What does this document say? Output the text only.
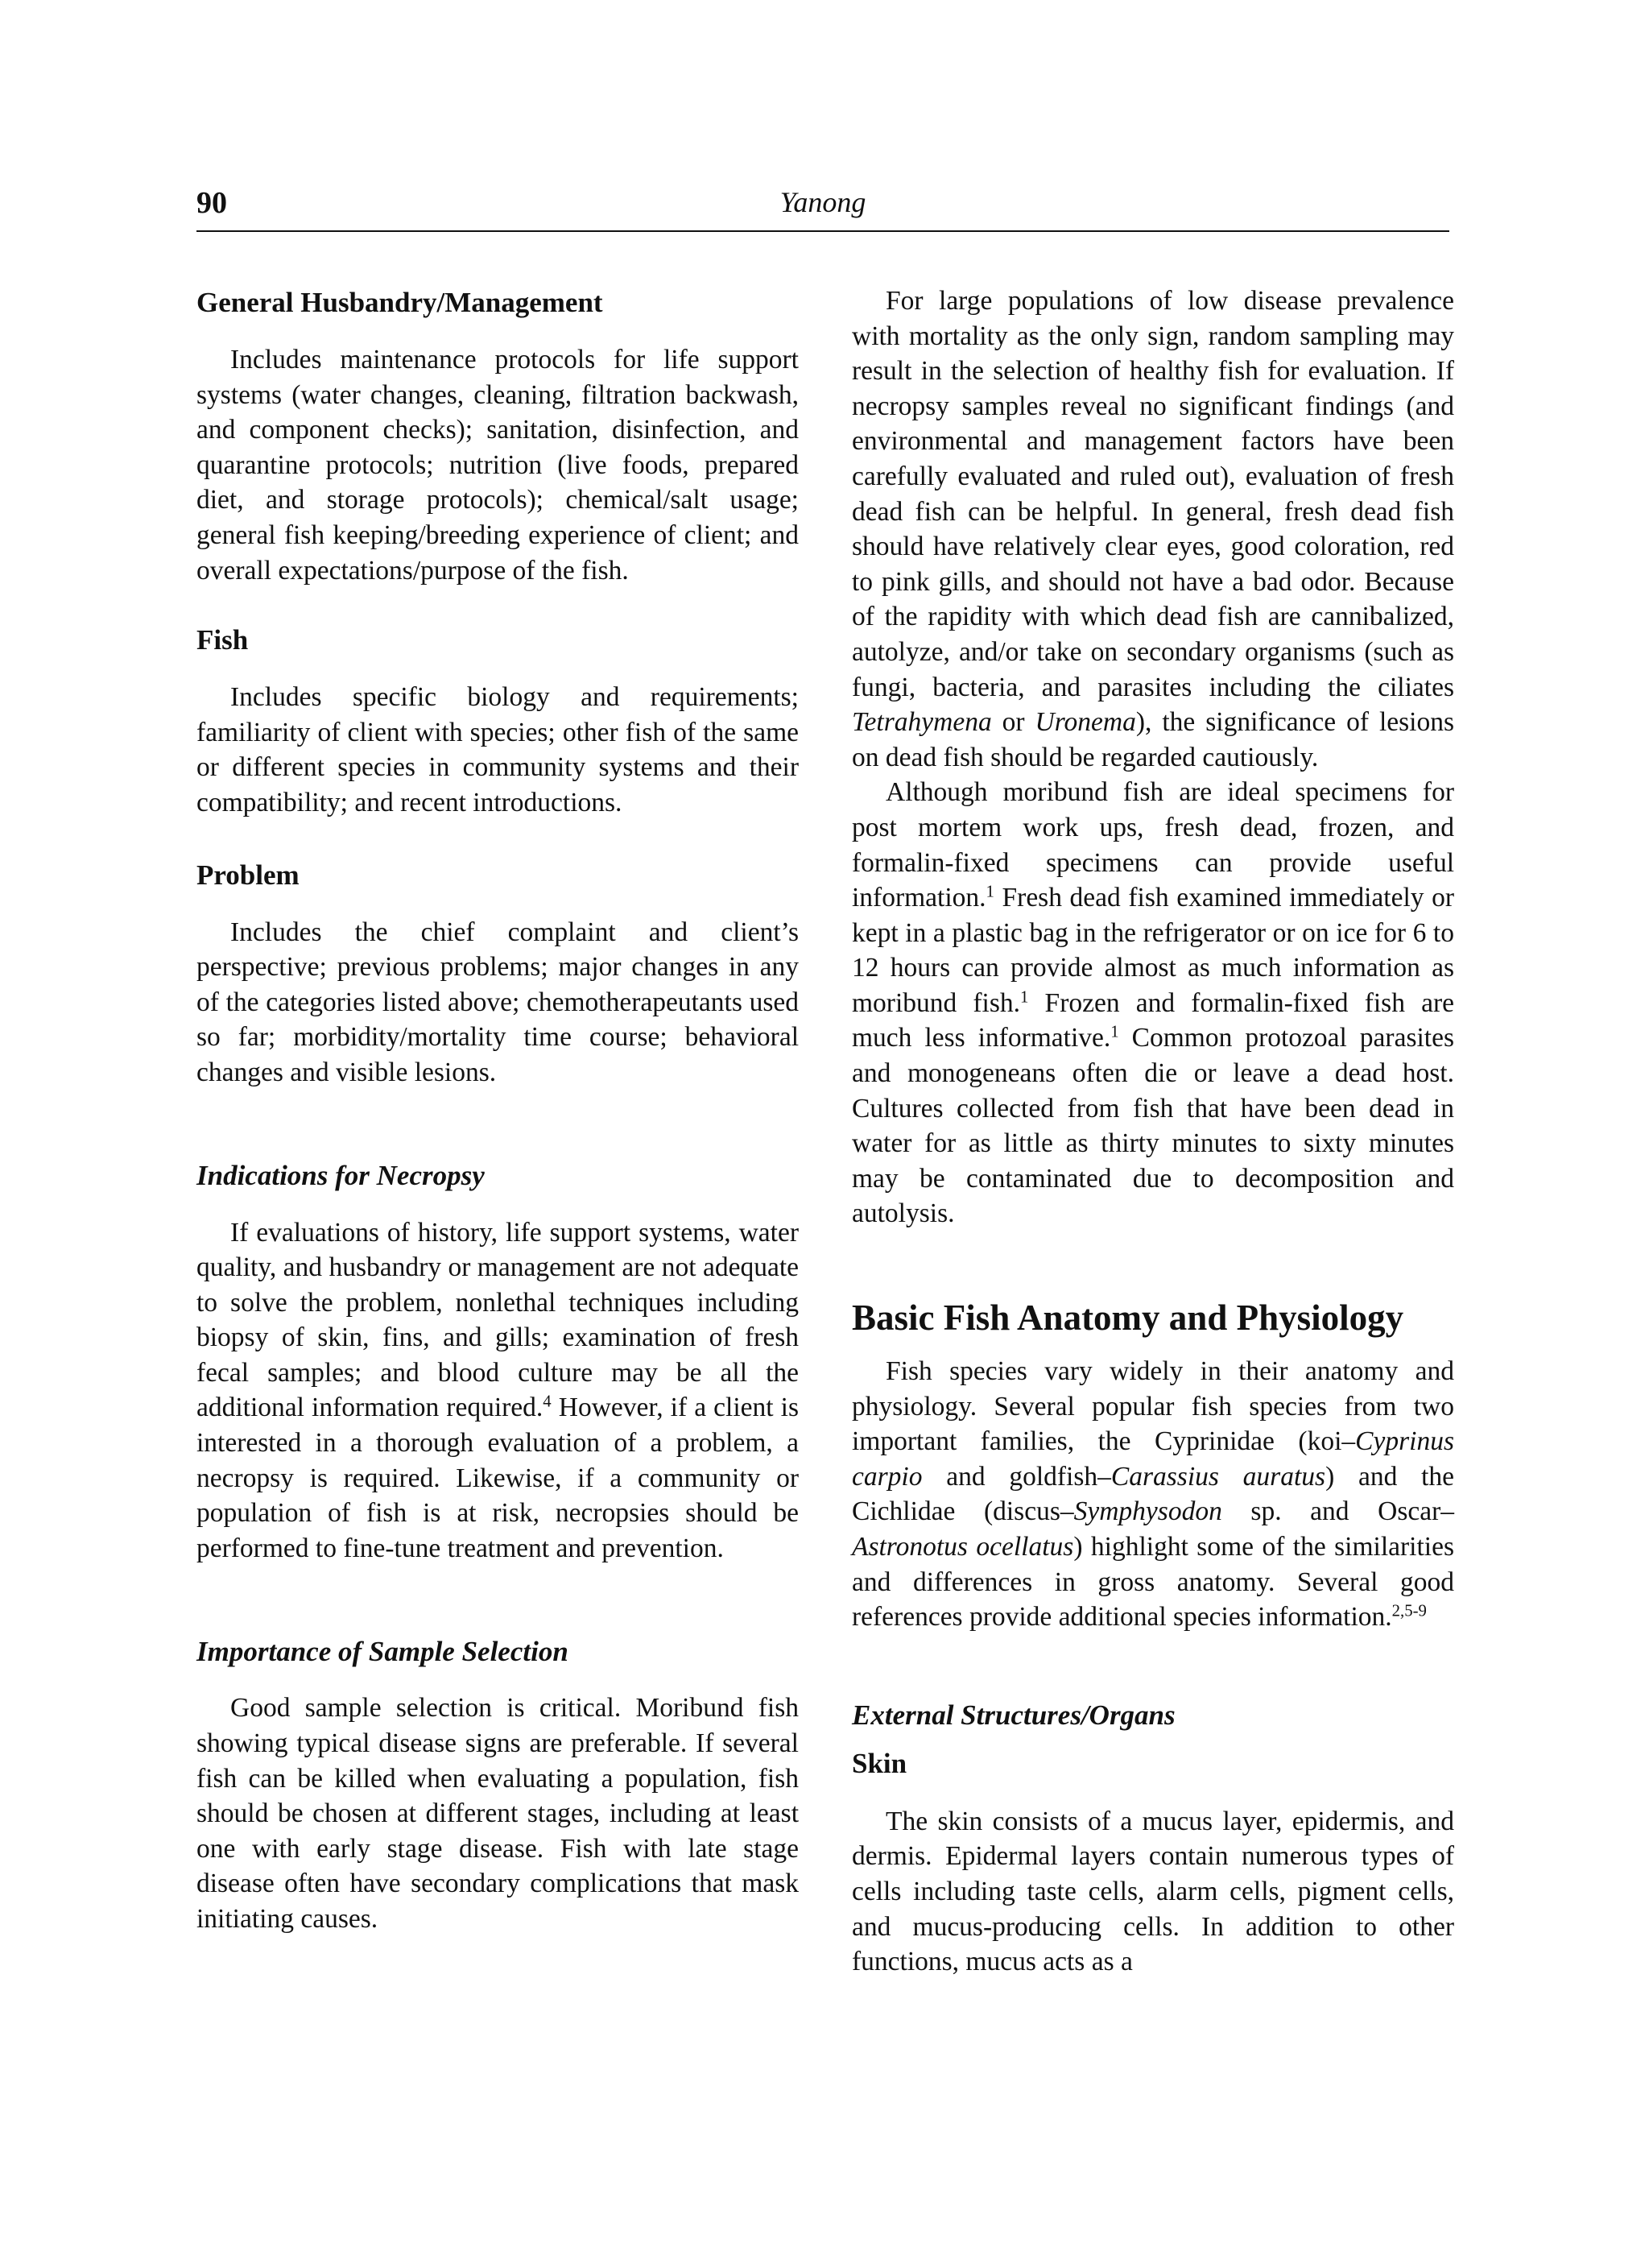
90	Yanong
General Husbandry/Management

Includes maintenance protocols for life support systems (water changes, cleaning, filtration backwash, and component checks); sanitation, disinfection, and quarantine protocols; nutrition (live foods, prepared diet, and storage protocols); chemical/salt usage; general fish keeping/breeding experience of client; and overall expectations/purpose of the fish.

Fish

Includes specific biology and requirements; familiarity of client with species; other fish of the same or different species in community systems and their compatibility; and recent introductions.

Problem

Includes the chief complaint and client’s perspective; previous problems; major changes in any of the categories listed above; chemotherapeutants used so far; morbidity/mortality time course; behavioral changes and visible lesions.

Indications for Necropsy

If evaluations of history, life support systems, water quality, and husbandry or management are not adequate to solve the problem, nonlethal techniques including biopsy of skin, fins, and gills; examination of fresh fecal samples; and blood culture may be all the additional information required.$^4$ However, if a client is interested in a thorough evaluation of a problem, a necropsy is required. Likewise, if a community or population of fish is at risk, necropsies should be performed to fine-tune treatment and prevention.

Importance of Sample Selection

Good sample selection is critical. Moribund fish showing typical disease signs are preferable. If several fish can be killed when evaluating a population, fish should be chosen at different stages, including at least one with early stage disease. Fish with late stage disease often have secondary complications that mask initiating causes.

For large populations of low disease prevalence with mortality as the only sign, random sampling may result in the selection of healthy fish for evaluation. If necropsy samples reveal no significant findings (and environmental and management factors have been carefully evaluated and ruled out), evaluation of fresh dead fish can be helpful. In general, fresh dead fish should have relatively clear eyes, good coloration, red to pink gills, and should not have a bad odor. Because of the rapidity with which dead fish are cannibalized, autolyze, and/or take on secondary organisms (such as fungi, bacteria, and parasites including the ciliates Tetrahymena or Uronema), the significance of lesions on dead fish should be regarded cautiously.

Although moribund fish are ideal specimens for post mortem work ups, fresh dead, frozen, and formalin-fixed specimens can provide useful information.$^1$ Fresh dead fish examined immediately or kept in a plastic bag in the refrigerator or on ice for 6 to 12 hours can provide almost as much information as moribund fish.$^1$ Frozen and formalin-fixed fish are much less informative.$^1$ Common protozoal parasites and monogeneans often die or leave a dead host. Cultures collected from fish that have been dead in water for as little as thirty minutes to sixty minutes may be contaminated due to decomposition and autolysis.

Basic Fish Anatomy and Physiology

Fish species vary widely in their anatomy and physiology. Several popular fish species from two important families, the Cyprinidae (koi–Cyprinus carpio and goldfish–Carassius auratus) and the Cichlidae (discus–Symphysodon sp. and Oscar–Astronotus ocellatus) highlight some of the similarities and differences in gross anatomy. Several good references provide additional species information.$^{2,5-9}$

External Structures/Organs
Skin

The skin consists of a mucus layer, epidermis, and dermis. Epidermal layers contain numerous types of cells including taste cells, alarm cells, pigment cells, and mucus-producing cells. In addition to other functions, mucus acts as a
